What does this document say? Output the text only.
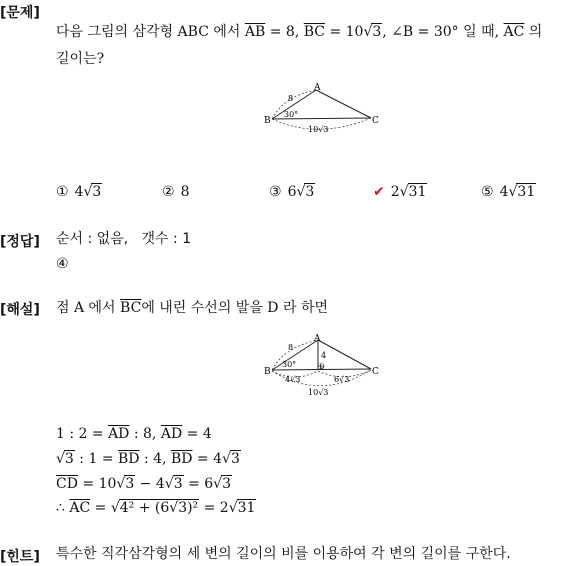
[문제]
다음 그림의 삼각형 ABC 에서 $\overline{AB} = 8$, $\overline{BC} = 10√3$, ∠B = 30° 일 때, $\overline{AC}$ 의
길이는?
A
B	C
8
30°
10√3
① 4√3	② 8	③ 6√3	✔ 2√31	⑤ 4√31
[정답] 순서 : 없음, 갯수 : 1
④
[해설] 점 A 에서 $\overline{BC}$에 내린 수선의 발을 D 라 하면
A
B	C
D
8
30°
4
4√3	6√3
10√3
1 : $2 = \overline{AD}$ : 8, $\overline{AD} = 4$
√3 : $1 = \overline{BD}$ : 4, $\overline{BD} = 4√3$
$\overline{CD} = 10√3 - 4√3 = 6√3$
∴ $\overline{AC} = √4^2 + (6√3)^2 = 2√31$
[힌트] 특수한 직각삼각형의 세 변의 길이의 비를 이용하여 각 변의 길이를 구한다.
